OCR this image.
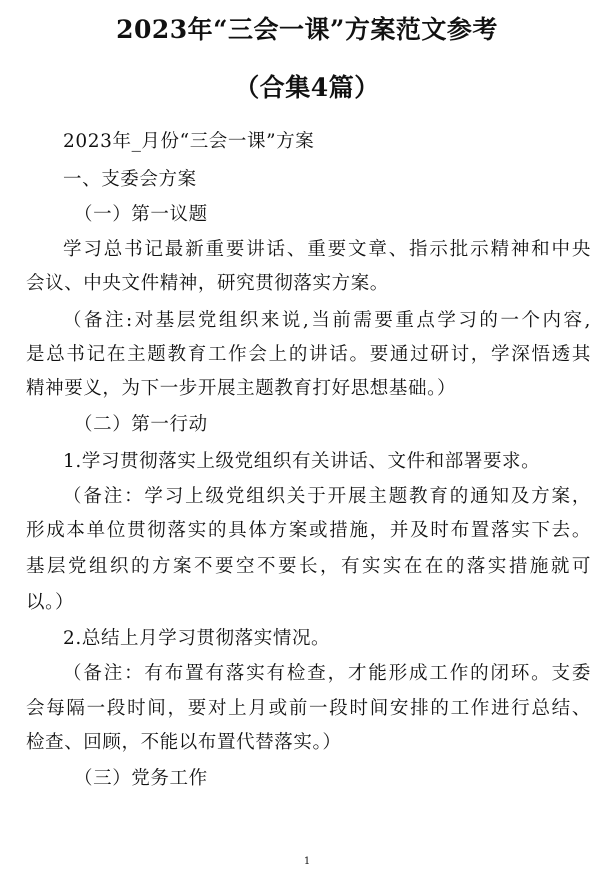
2023年“三会一课”方案范文参考
（合集4篇）
2023年_月份“三会一课”方案
一、支委会方案
（一）第一议题
学习总书记最新重要讲话、重要文章、指示批示精神和中央
会议、中央文件精神，研究贯彻落实方案。
（备注:对基层党组织来说,当前需要重点学习的一个内容,
是总书记在主题教育工作会上的讲话。要通过研讨，学深悟透其
精神要义，为下一步开展主题教育打好思想基础。）
（二）第一行动
1.学习贯彻落实上级党组织有关讲话、文件和部署要求。
（备注：学习上级党组织关于开展主题教育的通知及方案，
形成本单位贯彻落实的具体方案或措施，并及时布置落实下去。
基层党组织的方案不要空不要长，有实实在在的落实措施就可
以。）
2.总结上月学习贯彻落实情况。
（备注：有布置有落实有检查，才能形成工作的闭环。支委
会每隔一段时间，要对上月或前一段时间安排的工作进行总结、
检查、回顾，不能以布置代替落实。）
（三）党务工作
1
